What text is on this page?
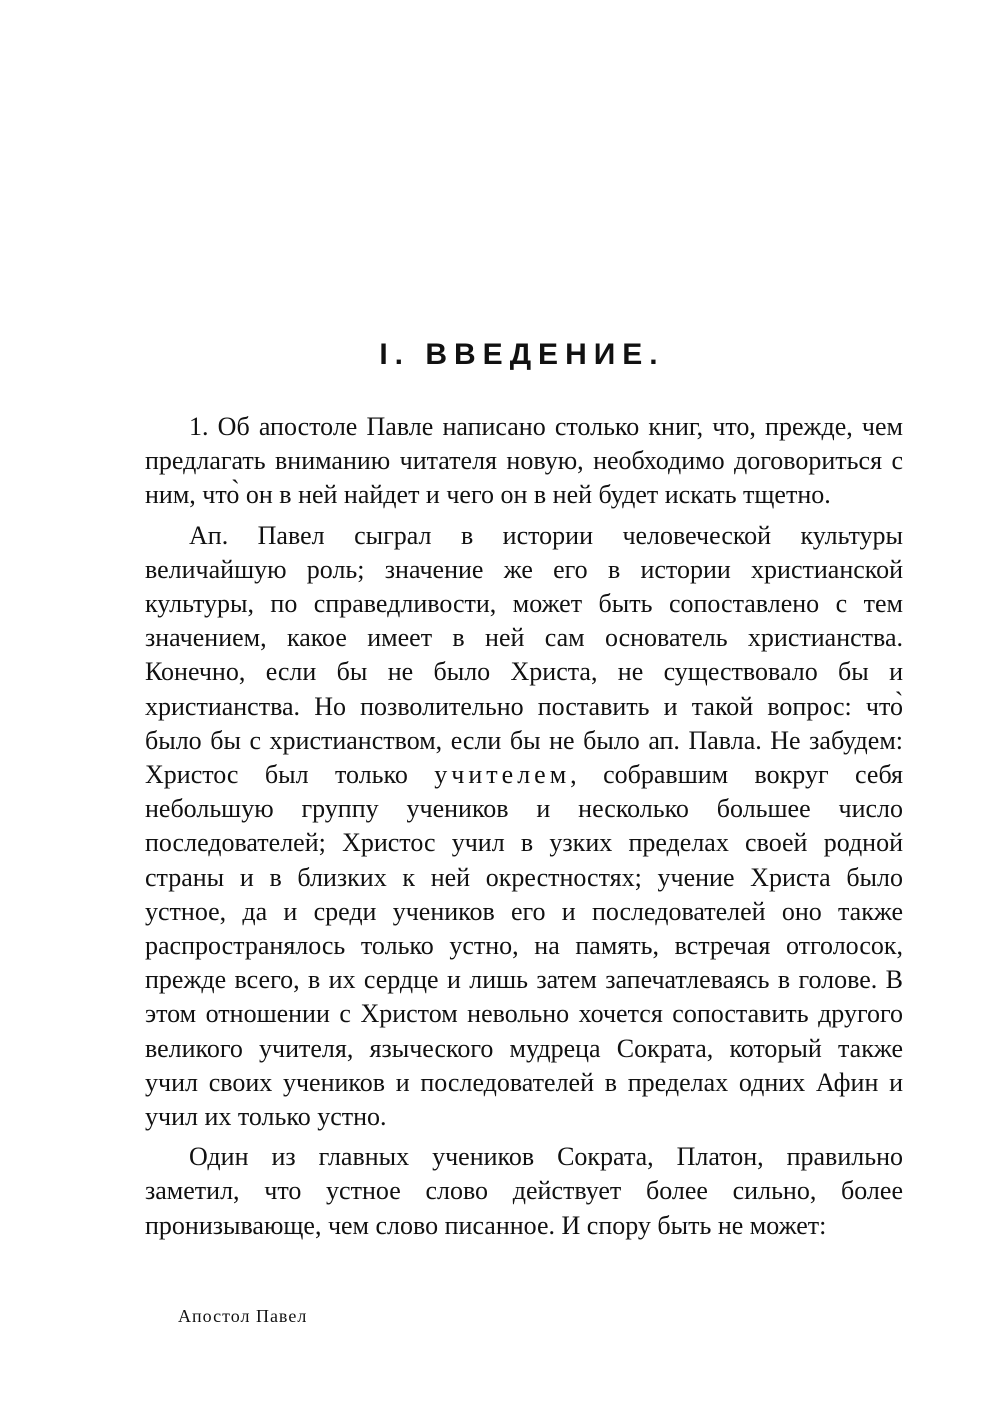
I. ВВЕДЕНИЕ.

1. Об апостоле Павле написано столько книг, что, прежде, чем предлагать вниманию читателя новую, необходимо договориться с ним, что̀ он в ней найдет и чего он в ней будет искать тщетно.

Ап. Павел сыграл в истории человеческой культуры величайшую роль; значение же его в истории христианской культуры, по справедливости, может быть сопоставлено с тем значением, какое имеет в ней сам основатель христианства. Конечно, если бы не было Христа, не существовало бы и христианства. Но позволительно поставить и такой вопрос: что̀ было бы с христианством, если бы не было ап. Павла. Не забудем: Христос был только учителем, собравшим вокруг себя небольшую группу учеников и несколько большее число последователей; Христос учил в узких пределах своей родной страны и в близких к ней окрестностях; учение Христа было устное, да и среди учеников его и последователей оно также распространялось только устно, на память, встречая отголосок, прежде всего, в их сердце и лишь затем запечатлеваясь в голове. В этом отношении с Христом невольно хочется сопоставить другого великого учителя, языческого мудреца Сократа, который также учил своих учеников и последователей в пределах одних Афин и учил их только устно.

Один из главных учеников Сократа, Платон, правильно заметил, что устное слово действует более сильно, более пронизывающе, чем слово писанное. И спору быть не может:

Апостол Павел
